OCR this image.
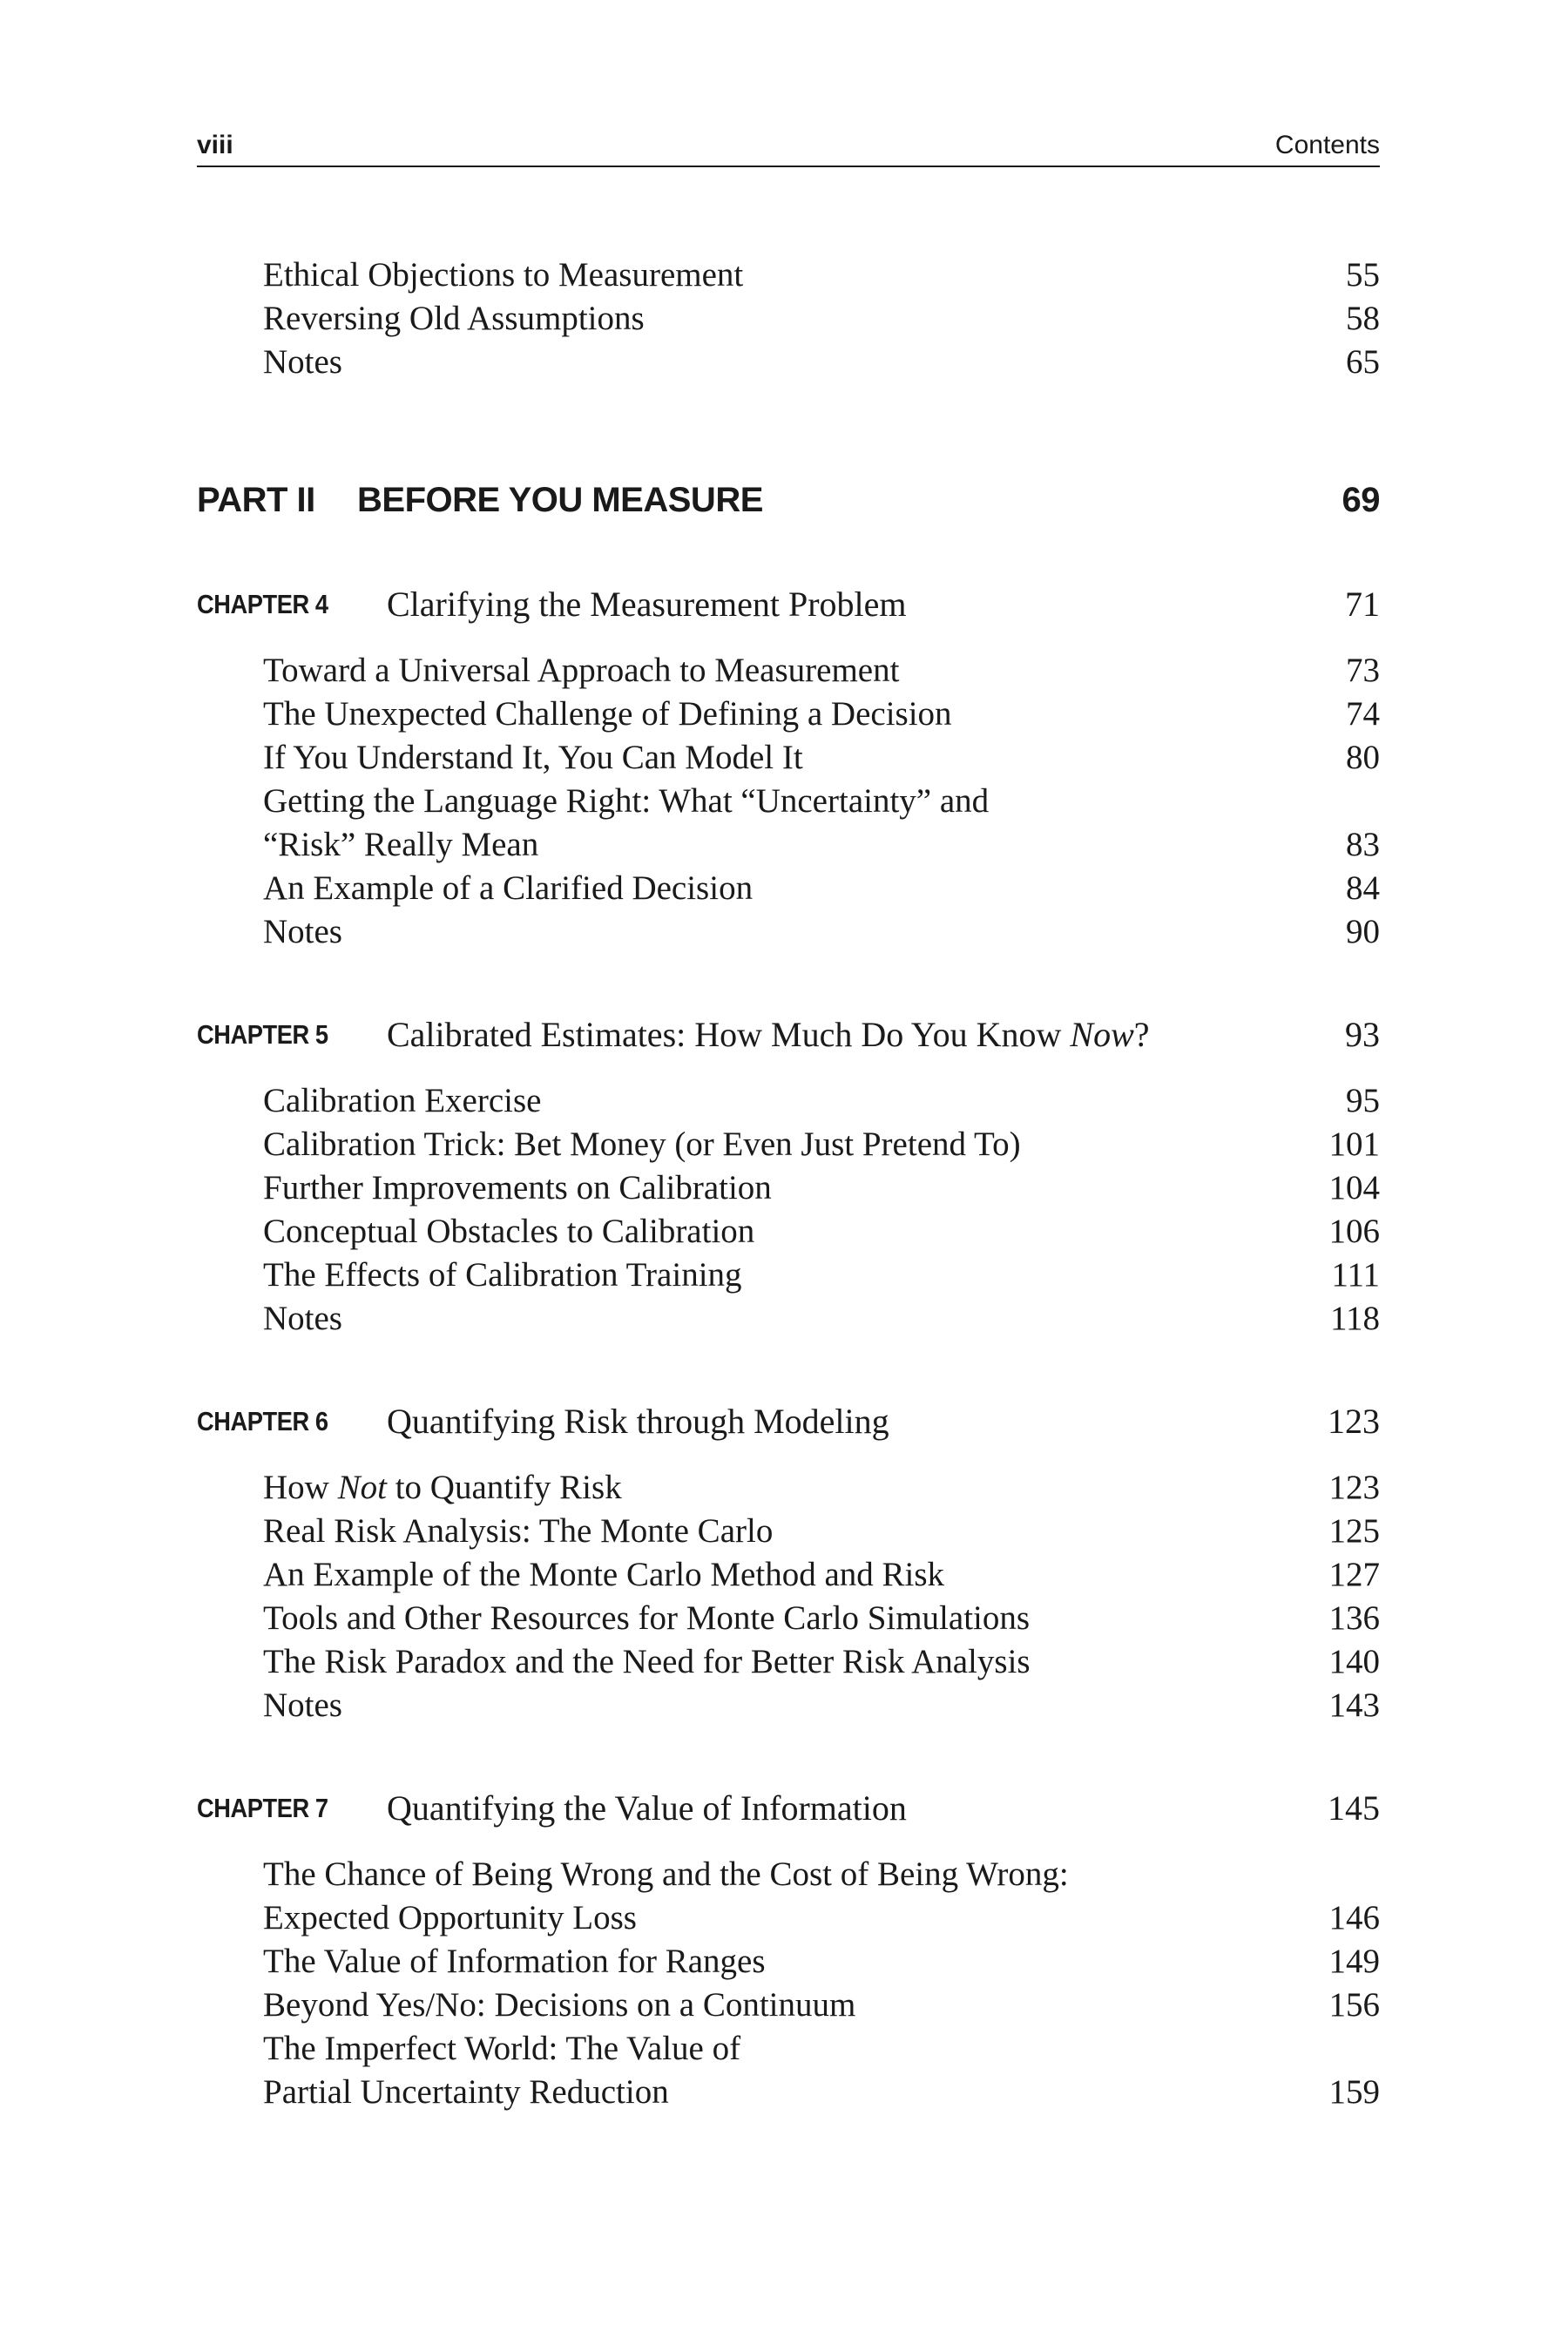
viii	Contents
Ethical Objections to Measurement	55
Reversing Old Assumptions	58
Notes	65
PART II BEFORE YOU MEASURE	69
CHAPTER 4 Clarifying the Measurement Problem	71
Toward a Universal Approach to Measurement	73
The Unexpected Challenge of Defining a Decision	74
If You Understand It, You Can Model It	80
Getting the Language Right: What “Uncertainty” and
“Risk” Really Mean	83
An Example of a Clarified Decision	84
Notes	90
CHAPTER 5 Calibrated Estimates: How Much Do You Know Now?	93
Calibration Exercise	95
Calibration Trick: Bet Money (or Even Just Pretend To)	101
Further Improvements on Calibration	104
Conceptual Obstacles to Calibration	106
The Effects of Calibration Training	111
Notes	118
CHAPTER 6 Quantifying Risk through Modeling	123
How Not to Quantify Risk	123
Real Risk Analysis: The Monte Carlo	125
An Example of the Monte Carlo Method and Risk	127
Tools and Other Resources for Monte Carlo Simulations	136
The Risk Paradox and the Need for Better Risk Analysis	140
Notes	143
CHAPTER 7 Quantifying the Value of Information	145
The Chance of Being Wrong and the Cost of Being Wrong:
Expected Opportunity Loss	146
The Value of Information for Ranges	149
Beyond Yes/No: Decisions on a Continuum	156
The Imperfect World: The Value of
Partial Uncertainty Reduction	159
